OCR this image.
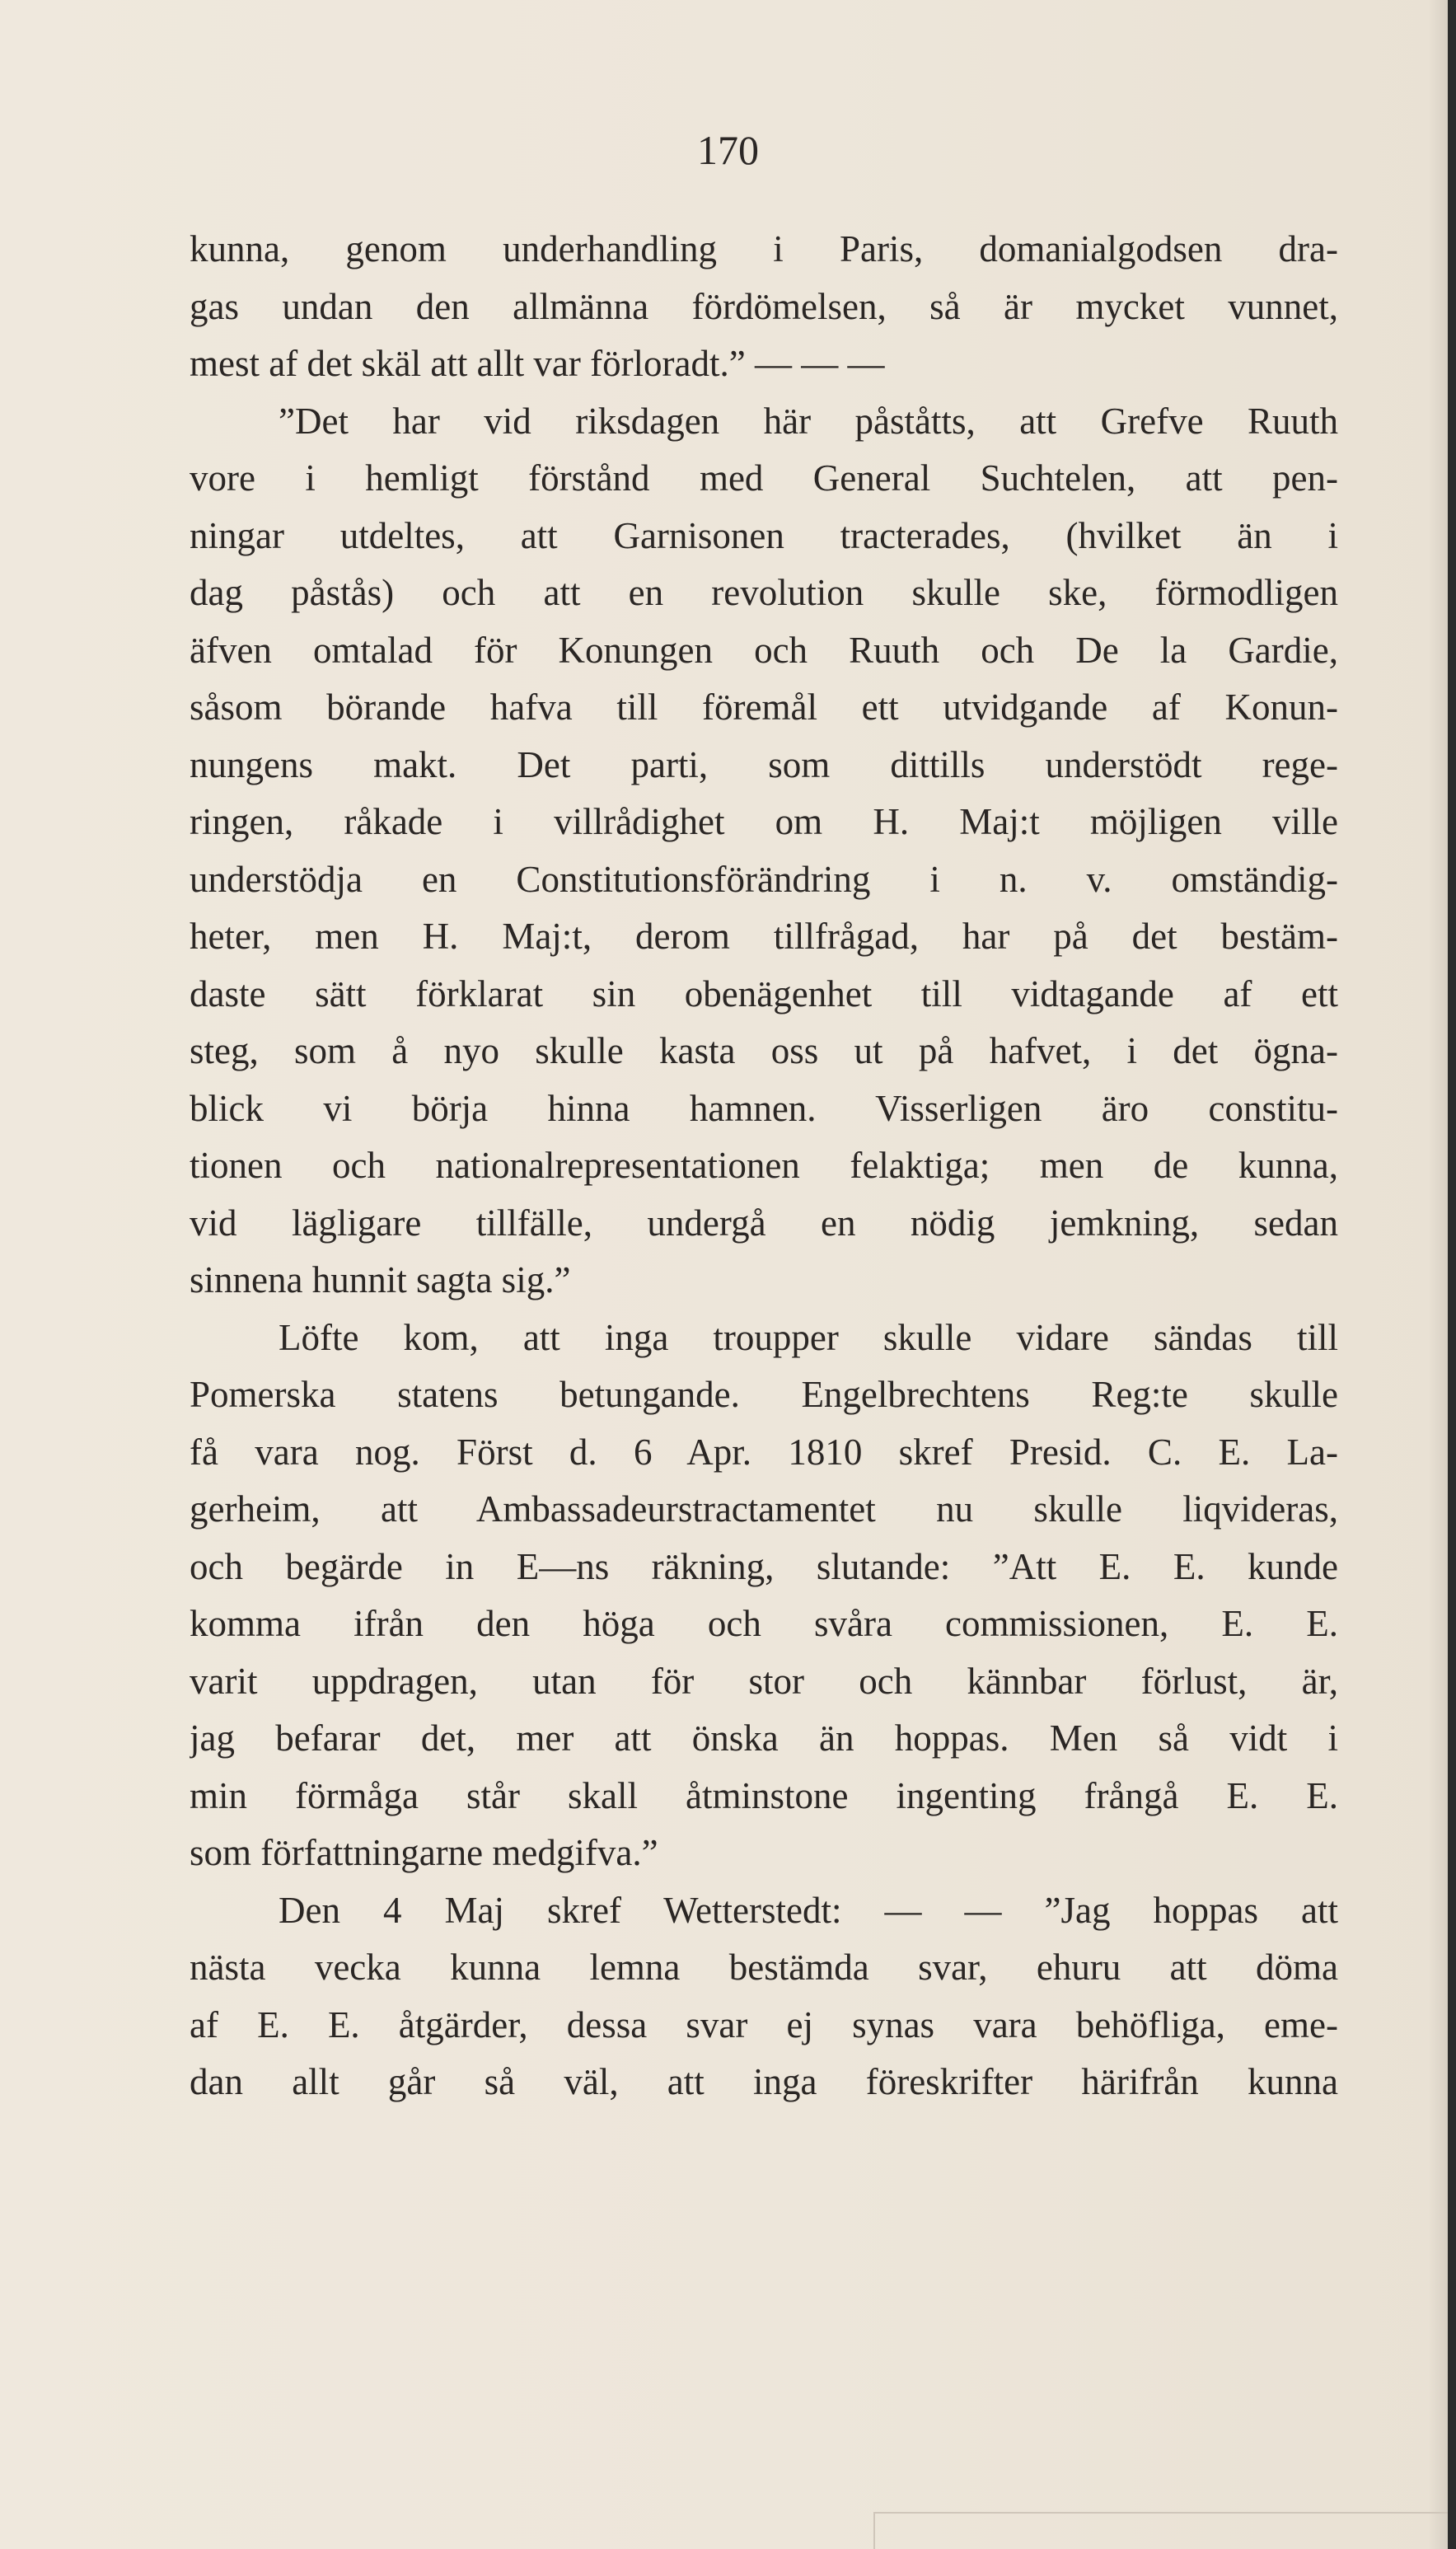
170
kunna, genom underhandling i Paris, domanialgodsen dra-
gas undan den allmänna fördömelsen, så är mycket vunnet,
mest af det skäl att allt var förloradt.” — — —
”Det har vid riksdagen här påståtts, att Grefve Ruuth
vore i hemligt förstånd med General Suchtelen, att pen-
ningar utdeltes, att Garnisonen tracterades, (hvilket än i
dag påstås) och att en revolution skulle ske, förmodligen
äfven omtalad för Konungen och Ruuth och De la Gardie,
såsom börande hafva till föremål ett utvidgande af Konun-
nungens makt. Det parti, som dittills understödt rege-
ringen, råkade i villrådighet om H. Maj:t möjligen ville
understödja en Constitutionsförändring i n. v. omständig-
heter, men H. Maj:t, derom tillfrågad, har på det bestäm-
daste sätt förklarat sin obenägenhet till vidtagande af ett
steg, som å nyo skulle kasta oss ut på hafvet, i det ögna-
blick vi börja hinna hamnen. Visserligen äro constitu-
tionen och nationalrepresentationen felaktiga; men de kunna,
vid lägligare tillfälle, undergå en nödig jemkning, sedan
sinnena hunnit sagta sig.”
Löfte kom, att inga troupper skulle vidare sändas till
Pomerska statens betungande. Engelbrechtens Reg:te skulle
få vara nog. Först d. 6 Apr. 1810 skref Presid. C. E. La-
gerheim, att Ambassadeurstractamentet nu skulle liqvideras,
och begärde in E—ns räkning, slutande: ”Att E. E. kunde
komma ifrån den höga och svåra commissionen, E. E.
varit uppdragen, utan för stor och kännbar förlust, är,
jag befarar det, mer att önska än hoppas. Men så vidt i
min förmåga står skall åtminstone ingenting frångå E. E.
som författningarne medgifva.”
Den 4 Maj skref Wetterstedt: — — ”Jag hoppas att
nästa vecka kunna lemna bestämda svar, ehuru att döma
af E. E. åtgärder, dessa svar ej synas vara behöfliga, eme-
dan allt går så väl, att inga föreskrifter härifrån kunna
